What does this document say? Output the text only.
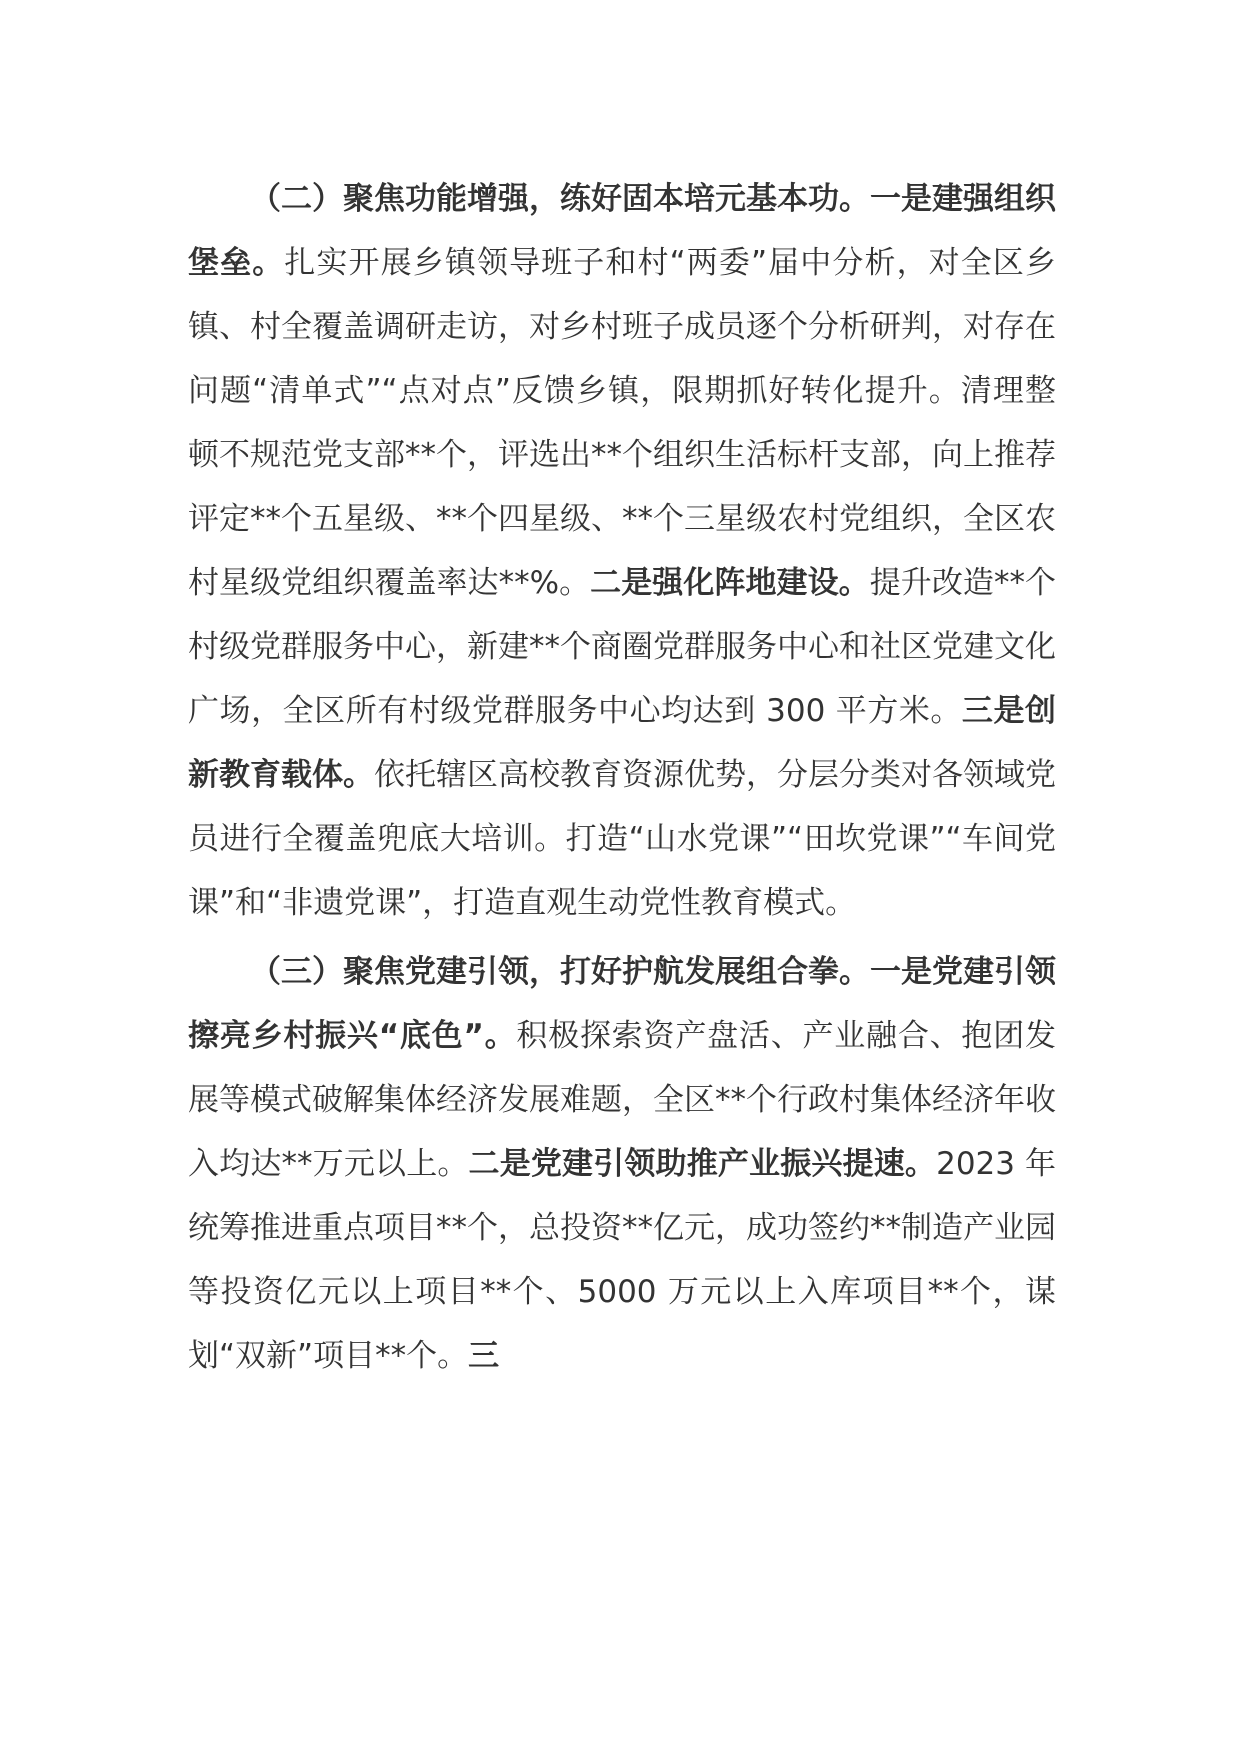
（二）聚焦功能增强，练好固本培元基本功。一是建强组织堡垒。扎实开展乡镇领导班子和村“两委”届中分析，对全区乡镇、村全覆盖调研走访，对乡村班子成员逐个分析研判，对存在问题“清单式”“点对点”反馈乡镇，限期抓好转化提升。清理整顿不规范党支部**个，评选出**个组织生活标杆支部，向上推荐评定**个五星级、**个四星级、**个三星级农村党组织，全区农村星级党组织覆盖率达**%。二是强化阵地建设。提升改造**个村级党群服务中心，新建**个商圈党群服务中心和社区党建文化广场，全区所有村级党群服务中心均达到 300 平方米。三是创新教育载体。依托辖区高校教育资源优势，分层分类对各领域党员进行全覆盖兜底大培训。打造“山水党课”“田坎党课”“车间党课”和“非遗党课”，打造直观生动党性教育模式。

（三）聚焦党建引领，打好护航发展组合拳。一是党建引领擦亮乡村振兴“底色”。积极探索资产盘活、产业融合、抱团发展等模式破解集体经济发展难题，全区**个行政村集体经济年收入均达**万元以上。二是党建引领助推产业振兴提速。2023 年统筹推进重点项目**个，总投资**亿元，成功签约**制造产业园等投资亿元以上项目**个、5000 万元以上入库项目**个，谋划“双新”项目**个。三
